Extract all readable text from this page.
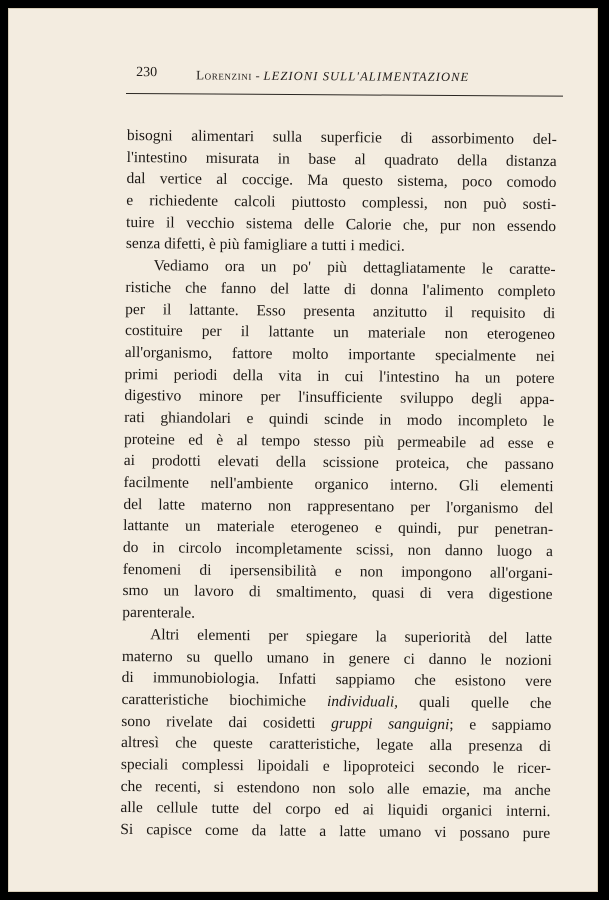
230	Lorenzini - LEZIONI SULL'ALIMENTAZIONE
bisogni alimentari sulla superficie di assorbimento del-
l'intestino misurata in base al quadrato della distanza
dal vertice al coccige. Ma questo sistema, poco comodo
e richiedente calcoli piuttosto complessi, non può sosti-
tuire il vecchio sistema delle Calorie che, pur non essendo
senza difetti, è più famigliare a tutti i medici.
Vediamo ora un po' più dettagliatamente le caratte-
ristiche che fanno del latte di donna l'alimento completo
per il lattante. Esso presenta anzitutto il requisito di
costituire per il lattante un materiale non eterogeneo
all'organismo, fattore molto importante specialmente nei
primi periodi della vita in cui l'intestino ha un potere
digestivo minore per l'insufficiente sviluppo degli appa-
rati ghiandolari e quindi scinde in modo incompleto le
proteine ed è al tempo stesso più permeabile ad esse e
ai prodotti elevati della scissione proteica, che passano
facilmente nell'ambiente organico interno. Gli elementi
del latte materno non rappresentano per l'organismo del
lattante un materiale eterogeneo e quindi, pur penetran-
do in circolo incompletamente scissi, non danno luogo a
fenomeni di ipersensibilità e non impongono all'organi-
smo un lavoro di smaltimento, quasi di vera digestione
parenterale.
Altri elementi per spiegare la superiorità del latte
materno su quello umano in genere ci danno le nozioni
di immunobiologia. Infatti sappiamo che esistono vere
caratteristiche biochimiche individuali, quali quelle che
sono rivelate dai cosidetti gruppi sanguigni; e sappiamo
altresì che queste caratteristiche, legate alla presenza di
speciali complessi lipoidali e lipoproteici secondo le ricer-
che recenti, si estendono non solo alle emazie, ma anche
alle cellule tutte del corpo ed ai liquidi organici interni.
Si capisce come da latte a latte umano vi possano pure
